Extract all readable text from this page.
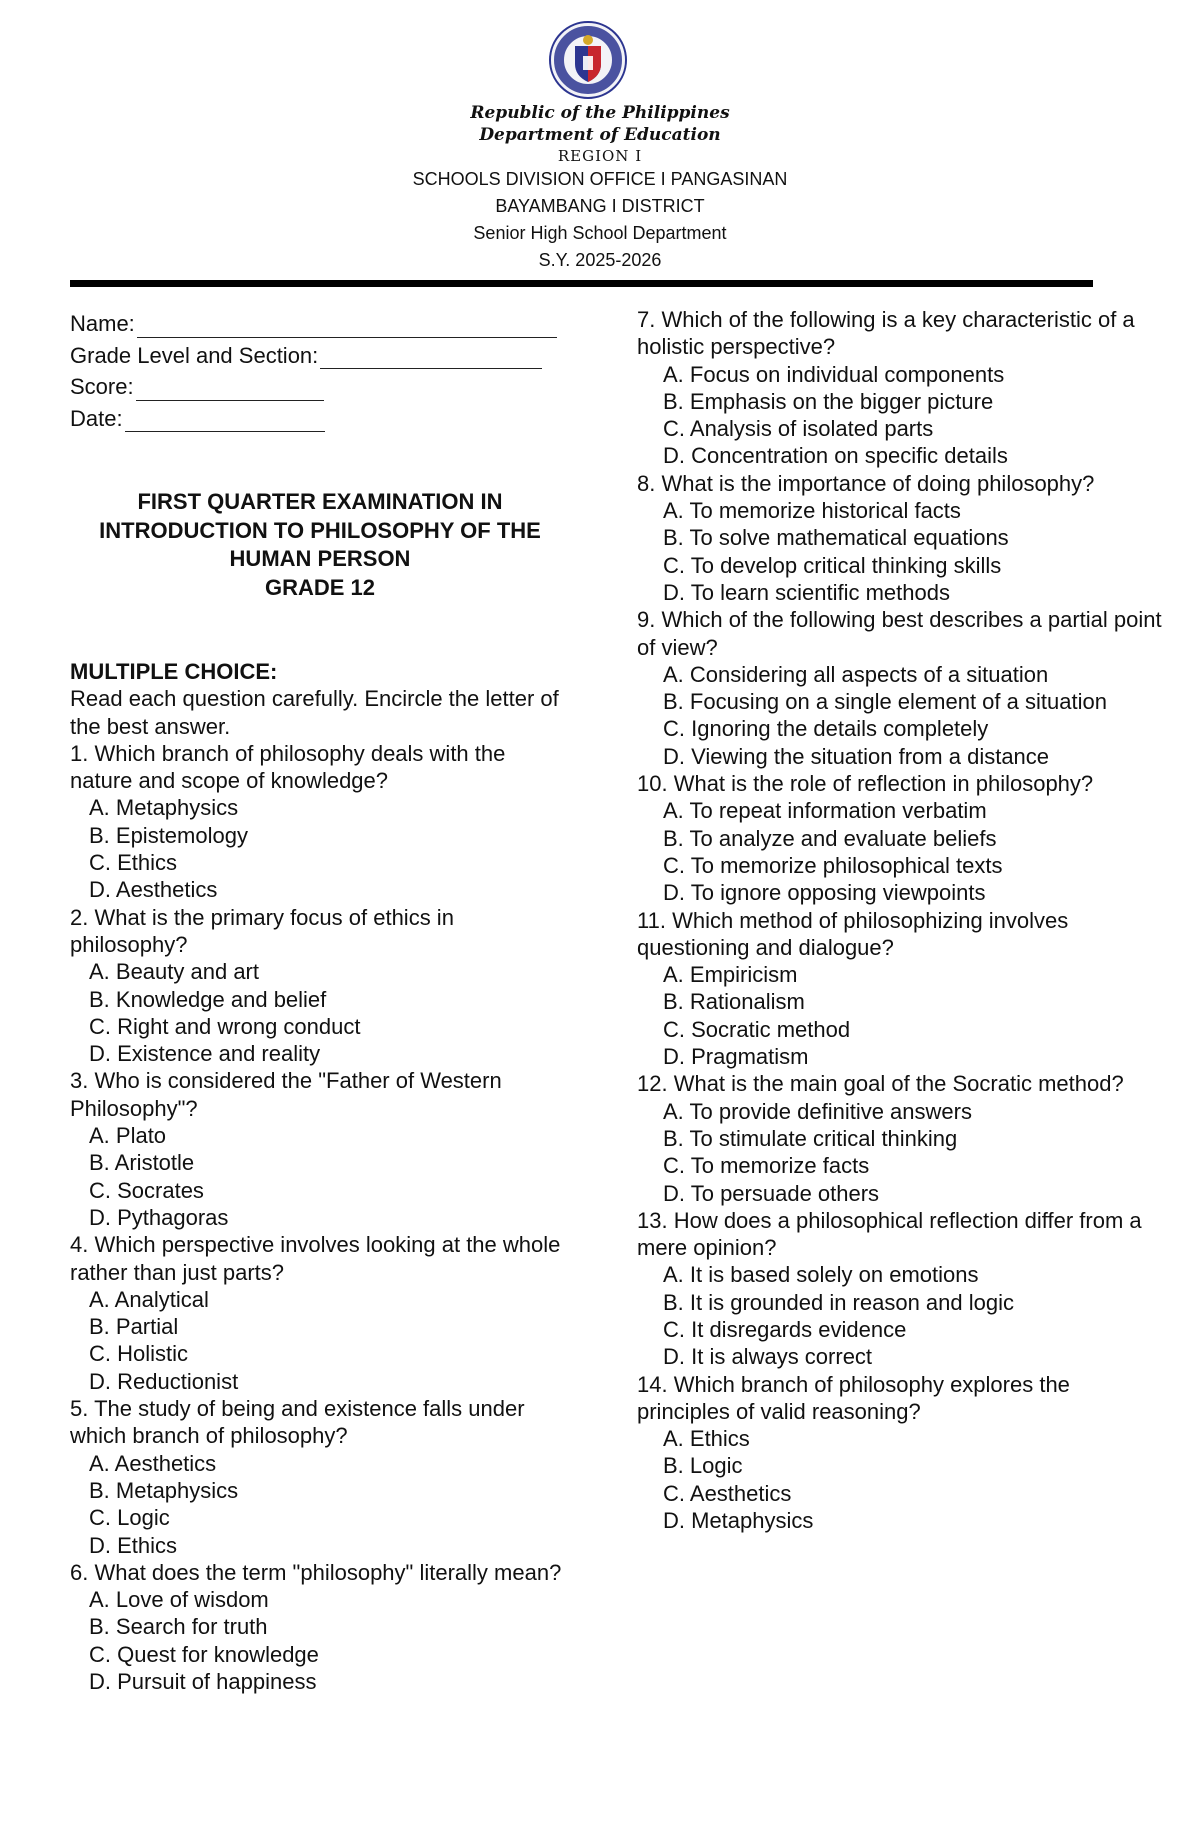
Republic of the Philippines
Department of Education
REGION I
SCHOOLS DIVISION OFFICE I PANGASINAN
BAYAMBANG I DISTRICT
Senior High School Department
S.Y. 2025-2026
Name:
Grade Level and Section:
Score:
Date:
FIRST QUARTER EXAMINATION IN
INTRODUCTION TO PHILOSOPHY OF THE
HUMAN PERSON
GRADE 12
MULTIPLE CHOICE:
Read each question carefully. Encircle the letter of the best answer.
1. Which branch of philosophy deals with the nature and scope of knowledge?
A. Metaphysics
B. Epistemology
C. Ethics
D. Aesthetics
2. What is the primary focus of ethics in philosophy?
A. Beauty and art
B. Knowledge and belief
C. Right and wrong conduct
D. Existence and reality
3. Who is considered the "Father of Western Philosophy"?
A. Plato
B. Aristotle
C. Socrates
D. Pythagoras
4. Which perspective involves looking at the whole rather than just parts?
A. Analytical
B. Partial
C. Holistic
D. Reductionist
5. The study of being and existence falls under which branch of philosophy?
A. Aesthetics
B. Metaphysics
C. Logic
D. Ethics
6. What does the term "philosophy" literally mean?
A. Love of wisdom
B. Search for truth
C. Quest for knowledge
D. Pursuit of happiness
7. Which of the following is a key characteristic of a holistic perspective?
A. Focus on individual components
B. Emphasis on the bigger picture
C. Analysis of isolated parts
D. Concentration on specific details
8. What is the importance of doing philosophy?
A. To memorize historical facts
B. To solve mathematical equations
C. To develop critical thinking skills
D. To learn scientific methods
9. Which of the following best describes a partial point of view?
A. Considering all aspects of a situation
B. Focusing on a single element of a situation
C. Ignoring the details completely
D. Viewing the situation from a distance
10. What is the role of reflection in philosophy?
A. To repeat information verbatim
B. To analyze and evaluate beliefs
C. To memorize philosophical texts
D. To ignore opposing viewpoints
11. Which method of philosophizing involves questioning and dialogue?
A. Empiricism
B. Rationalism
C. Socratic method
D. Pragmatism
12. What is the main goal of the Socratic method?
A. To provide definitive answers
B. To stimulate critical thinking
C. To memorize facts
D. To persuade others
13. How does a philosophical reflection differ from a mere opinion?
A. It is based solely on emotions
B. It is grounded in reason and logic
C. It disregards evidence
D. It is always correct
14. Which branch of philosophy explores the principles of valid reasoning?
A. Ethics
B. Logic
C. Aesthetics
D. Metaphysics
